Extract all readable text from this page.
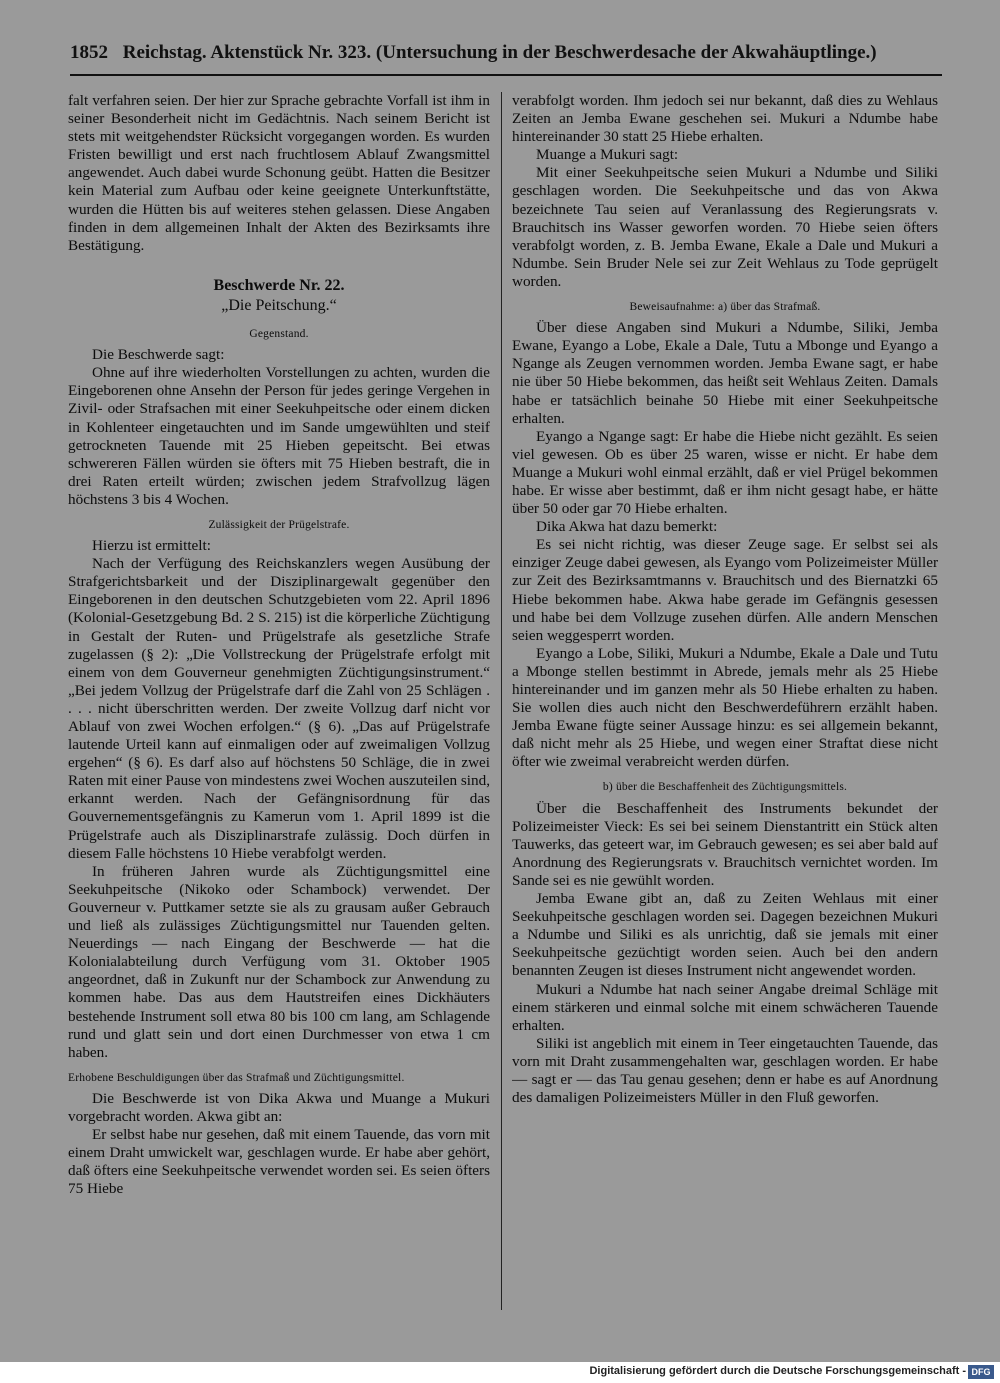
1852 Reichstag. Aktenstück Nr. 323. (Untersuchung in der Beschwerdesache der Akwahäuptlinge.)

falt verfahren seien. Der hier zur Sprache gebrachte Vorfall ist ihm in seiner Besonderheit nicht im Gedächtnis. Nach seinem Bericht ist stets mit weitgehendster Rücksicht vorgegangen worden. Es wurden Fristen bewilligt und erst nach fruchtlosem Ablauf Zwangsmittel angewendet. Auch dabei wurde Schonung geübt. Hatten die Besitzer kein Material zum Aufbau oder keine geeignete Unterkunftstätte, wurden die Hütten bis auf weiteres stehen gelassen. Diese Angaben finden in dem allgemeinen Inhalt der Akten des Bezirksamts ihre Bestätigung.

Beschwerde Nr. 22.
„Die Peitschung.“
Gegenstand.

Die Beschwerde sagt:

Ohne auf ihre wiederholten Vorstellungen zu achten, wurden die Eingeborenen ohne Ansehn der Person für jedes geringe Vergehen in Zivil- oder Strafsachen mit einer Seekuhpeitsche oder einem dicken in Kohlenteer eingetauchten und im Sande umgewühlten und steif getrockneten Tauende mit 25 Hieben gepeitscht. Bei etwas schwereren Fällen würden sie öfters mit 75 Hieben bestraft, die in drei Raten erteilt würden; zwischen jedem Strafvollzug lägen höchstens 3 bis 4 Wochen.

Zulässigkeit der Prügelstrafe.

Hierzu ist ermittelt:

Nach der Verfügung des Reichskanzlers wegen Ausübung der Strafgerichtsbarkeit und der Disziplinargewalt gegenüber den Eingeborenen in den deutschen Schutzgebieten vom 22. April 1896 (Kolonial-Gesetzgebung Bd. 2 S. 215) ist die körperliche Züchtigung in Gestalt der Ruten- und Prügelstrafe als gesetzliche Strafe zugelassen (§ 2): „Die Vollstreckung der Prügelstrafe erfolgt mit einem von dem Gouverneur genehmigten Züchtigungsinstrument.“ „Bei jedem Vollzug der Prügelstrafe darf die Zahl von 25 Schlägen . . . . nicht überschritten werden. Der zweite Vollzug darf nicht vor Ablauf von zwei Wochen erfolgen.“ (§ 6). „Das auf Prügelstrafe lautende Urteil kann auf einmaligen oder auf zweimaligen Vollzug ergehen“ (§ 6). Es darf also auf höchstens 50 Schläge, die in zwei Raten mit einer Pause von mindestens zwei Wochen auszuteilen sind, erkannt werden. Nach der Gefängnisordnung für das Gouvernementsgefängnis zu Kamerun vom 1. April 1899 ist die Prügelstrafe auch als Disziplinarstrafe zulässig. Doch dürfen in diesem Falle höchstens 10 Hiebe verabfolgt werden.

In früheren Jahren wurde als Züchtigungsmittel eine Seekuhpeitsche (Nikoko oder Schambock) verwendet. Der Gouverneur v. Puttkamer setzte sie als zu grausam außer Gebrauch und ließ als zulässiges Züchtigungsmittel nur Tauenden gelten. Neuerdings — nach Eingang der Beschwerde — hat die Kolonialabteilung durch Verfügung vom 31. Oktober 1905 angeordnet, daß in Zukunft nur der Schambock zur Anwendung zu kommen habe. Das aus dem Hautstreifen eines Dickhäuters bestehende Instrument soll etwa 80 bis 100 cm lang, am Schlagende rund und glatt sein und dort einen Durchmesser von etwa 1 cm haben.

Erhobene Beschuldigungen über das Strafmaß und Züchtigungsmittel.

Die Beschwerde ist von Dika Akwa und Muange a Mukuri vorgebracht worden. Akwa gibt an:

Er selbst habe nur gesehen, daß mit einem Tauende, das vorn mit einem Draht umwickelt war, geschlagen wurde. Er habe aber gehört, daß öfters eine Seekuhpeitsche verwendet worden sei. Es seien öfters 75 Hiebe

verabfolgt worden. Ihm jedoch sei nur bekannt, daß dies zu Wehlaus Zeiten an Jemba Ewane geschehen sei. Mukuri a Ndumbe habe hintereinander 30 statt 25 Hiebe erhalten.

Muange a Mukuri sagt:

Mit einer Seekuhpeitsche seien Mukuri a Ndumbe und Siliki geschlagen worden. Die Seekuhpeitsche und das von Akwa bezeichnete Tau seien auf Veranlassung des Regierungsrats v. Brauchitsch ins Wasser geworfen worden. 70 Hiebe seien öfters verabfolgt worden, z. B. Jemba Ewane, Ekale a Dale und Mukuri a Ndumbe. Sein Bruder Nele sei zur Zeit Wehlaus zu Tode geprügelt worden.

Beweisaufnahme: a) über das Strafmaß.

Über diese Angaben sind Mukuri a Ndumbe, Siliki, Jemba Ewane, Eyango a Lobe, Ekale a Dale, Tutu a Mbonge und Eyango a Ngange als Zeugen vernommen worden. Jemba Ewane sagt, er habe nie über 50 Hiebe bekommen, das heißt seit Wehlaus Zeiten. Damals habe er tatsächlich beinahe 50 Hiebe mit einer Seekuhpeitsche erhalten.

Eyango a Ngange sagt: Er habe die Hiebe nicht gezählt. Es seien viel gewesen. Ob es über 25 waren, wisse er nicht. Er habe dem Muange a Mukuri wohl einmal erzählt, daß er viel Prügel bekommen habe. Er wisse aber bestimmt, daß er ihm nicht gesagt habe, er hätte über 50 oder gar 70 Hiebe erhalten.

Dika Akwa hat dazu bemerkt:

Es sei nicht richtig, was dieser Zeuge sage. Er selbst sei als einziger Zeuge dabei gewesen, als Eyango vom Polizeimeister Müller zur Zeit des Bezirksamtmanns v. Brauchitsch und des Biernatzki 65 Hiebe bekommen habe. Akwa habe gerade im Gefängnis gesessen und habe bei dem Vollzuge zusehen dürfen. Alle andern Menschen seien weggesperrt worden.

Eyango a Lobe, Siliki, Mukuri a Ndumbe, Ekale a Dale und Tutu a Mbonge stellen bestimmt in Abrede, jemals mehr als 25 Hiebe hintereinander und im ganzen mehr als 50 Hiebe erhalten zu haben. Sie wollen dies auch nicht den Beschwerdeführern erzählt haben. Jemba Ewane fügte seiner Aussage hinzu: es sei allgemein bekannt, daß nicht mehr als 25 Hiebe, und wegen einer Straftat diese nicht öfter wie zweimal verabreicht werden dürfen.

b) über die Beschaffenheit des Züchtigungsmittels.

Über die Beschaffenheit des Instruments bekundet der Polizeimeister Vieck: Es sei bei seinem Dienstantritt ein Stück alten Tauwerks, das geteert war, im Gebrauch gewesen; es sei aber bald auf Anordnung des Regierungsrats v. Brauchitsch vernichtet worden. Im Sande sei es nie gewühlt worden.

Jemba Ewane gibt an, daß zu Zeiten Wehlaus mit einer Seekuhpeitsche geschlagen worden sei. Dagegen bezeichnen Mukuri a Ndumbe und Siliki es als unrichtig, daß sie jemals mit einer Seekuhpeitsche gezüchtigt worden seien. Auch bei den andern benannten Zeugen ist dieses Instrument nicht angewendet worden.

Mukuri a Ndumbe hat nach seiner Angabe dreimal Schläge mit einem stärkeren und einmal solche mit einem schwächeren Tauende erhalten.

Siliki ist angeblich mit einem in Teer eingetauchten Tauende, das vorn mit Draht zusammengehalten war, geschlagen worden. Er habe — sagt er — das Tau genau gesehen; denn er habe es auf Anordnung des damaligen Polizeimeisters Müller in den Fluß geworfen.

Digitalisierung gefördert durch die Deutsche Forschungsgemeinschaft - DFG
